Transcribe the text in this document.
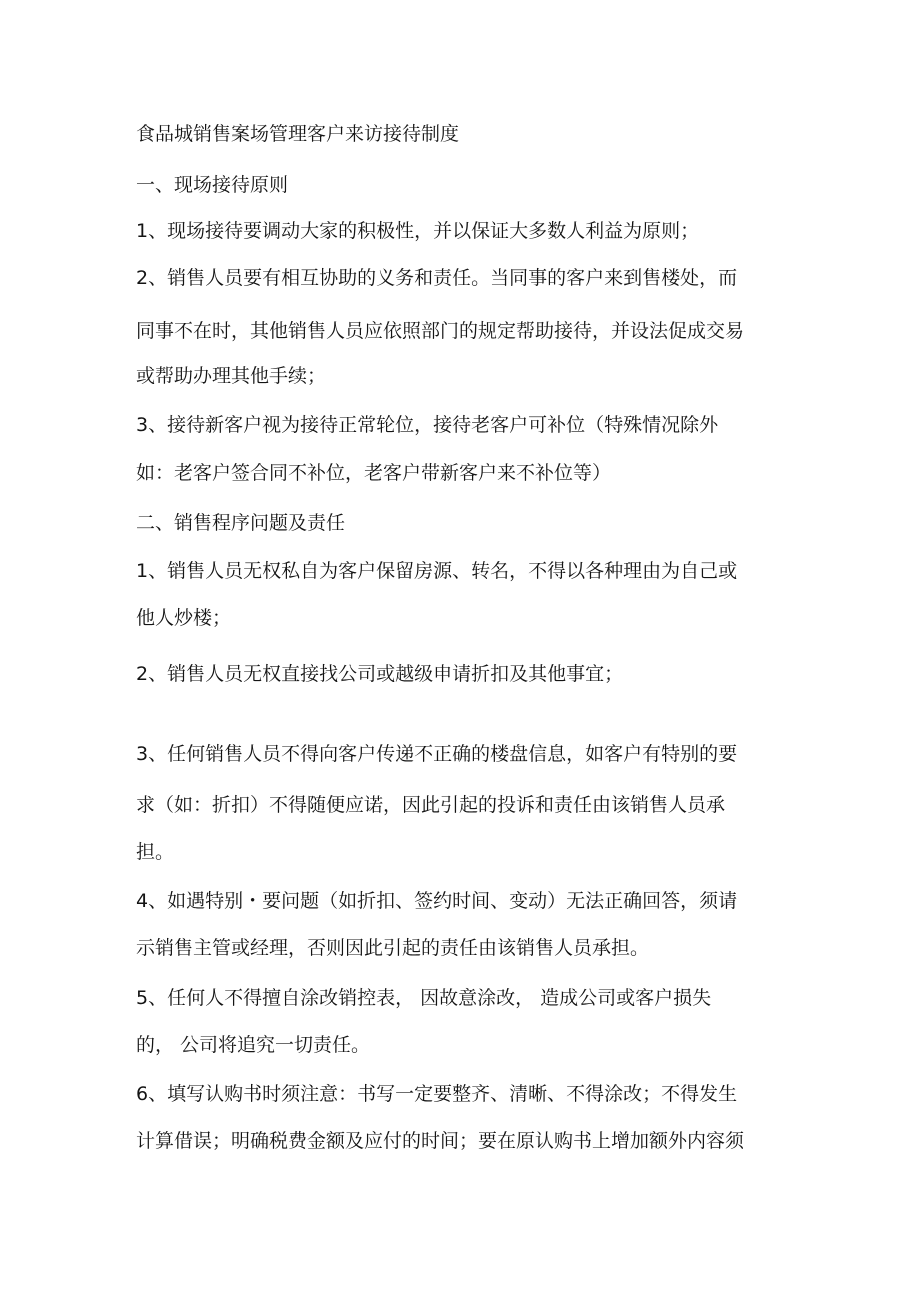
食品城销售案场管理客户来访接待制度

一、现场接待原则

1、现场接待要调动大家的积极性，并以保证大多数人利益为原则；

2、销售人员要有相互协助的义务和责任。当同事的客户来到售楼处，而

同事不在时，其他销售人员应依照部门的规定帮助接待，并设法促成交易

或帮助办理其他手续；

3、接待新客户视为接待正常轮位，接待老客户可补位（特殊情况除外

如：老客户签合同不补位，老客户带新客户来不补位等）

二、销售程序问题及责任

1、销售人员无权私自为客户保留房源、转名，不得以各种理由为自己或

他人炒楼；

2、销售人员无权直接找公司或越级申请折扣及其他事宜；

3、任何销售人员不得向客户传递不正确的楼盘信息，如客户有特别的要

求（如：折扣）不得随便应诺，因此引起的投诉和责任由该销售人员承

担。

4、如遇特别・要问题（如折扣、签约时间、变动）无法正确回答，须请

示销售主管或经理，否则因此引起的责任由该销售人员承担。

5、任何人不得擅自涂改销控表， 因故意涂改， 造成公司或客户损失

的， 公司将追究一切责任。

6、填写认购书时须注意：书写一定要整齐、清晰、不得涂改；不得发生

计算借误；明确税费金额及应付的时间；要在原认购书上增加额外内容须
